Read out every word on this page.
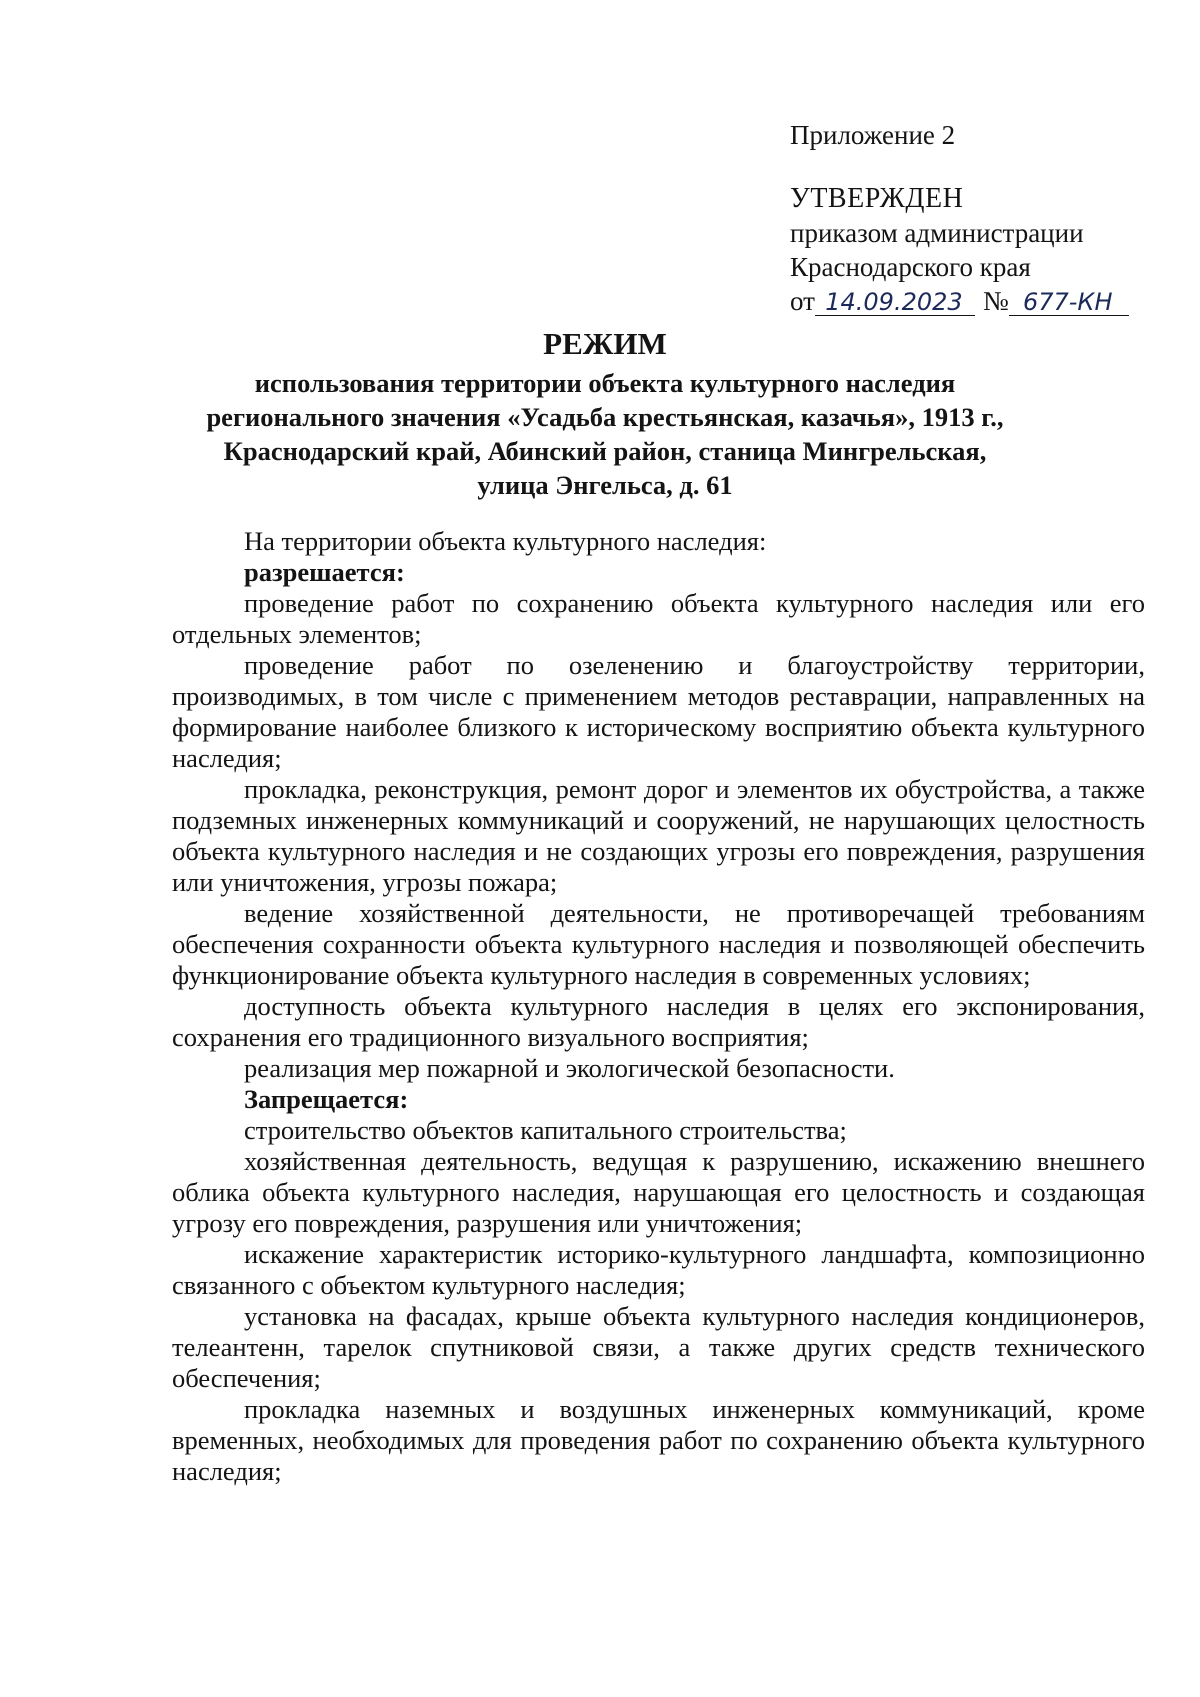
Приложение 2
УТВЕРЖДЕН
приказом администрации
Краснодарского края
от 14.09.2023 № 677-КН
РЕЖИМ
использования территории объекта культурного наследия
регионального значения «Усадьба крестьянская, казачья», 1913 г.,
Краснодарский край, Абинский район, станица Мингрельская,
улица Энгельса, д. 61

На территории объекта культурного наследия:

разрешается:

проведение работ по сохранению объекта культурного наследия или его отдельных элементов;

проведение работ по озеленению и благоустройству территории, производимых, в том числе с применением методов реставрации, направленных на формирование наиболее близкого к историческому восприятию объекта культурного наследия;

прокладка, реконструкция, ремонт дорог и элементов их обустройства, а также подземных инженерных коммуникаций и сооружений, не нарушающих целостность объекта культурного наследия и не создающих угрозы его повреждения, разрушения или уничтожения, угрозы пожара;

ведение хозяйственной деятельности, не противоречащей требованиям обеспечения сохранности объекта культурного наследия и позволяющей обеспечить функционирование объекта культурного наследия в современных условиях;

доступность объекта культурного наследия в целях его экспонирования, сохранения его традиционного визуального восприятия;

реализация мер пожарной и экологической безопасности.

Запрещается:

строительство объектов капитального строительства;

хозяйственная деятельность, ведущая к разрушению, искажению внешнего облика объекта культурного наследия, нарушающая его целостность и создающая угрозу его повреждения, разрушения или уничтожения;

искажение характеристик историко-культурного ландшафта, композиционно связанного с объектом культурного наследия;

установка на фасадах, крыше объекта культурного наследия кондиционеров, телеантенн, тарелок спутниковой связи, а также других средств технического обеспечения;

прокладка наземных и воздушных инженерных коммуникаций, кроме временных, необходимых для проведения работ по сохранению объекта культурного наследия;
